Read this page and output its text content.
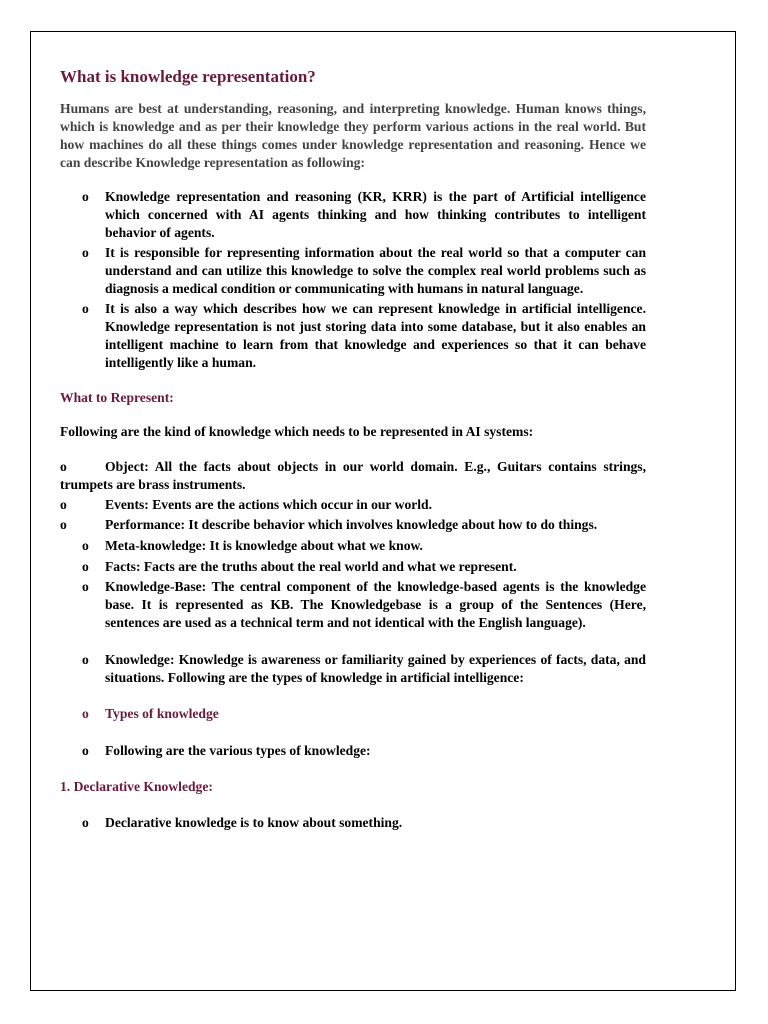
What is knowledge representation?
Humans are best at understanding, reasoning, and interpreting knowledge. Human knows things, which is knowledge and as per their knowledge they perform various actions in the real world. But how machines do all these things comes under knowledge representation and reasoning. Hence we can describe Knowledge representation as following:
o Knowledge representation and reasoning (KR, KRR) is the part of Artificial intelligence which concerned with AI agents thinking and how thinking contributes to intelligent behavior of agents.
o It is responsible for representing information about the real world so that a computer can understand and can utilize this knowledge to solve the complex real world problems such as diagnosis a medical condition or communicating with humans in natural language.
o It is also a way which describes how we can represent knowledge in artificial intelligence. Knowledge representation is not just storing data into some database, but it also enables an intelligent machine to learn from that knowledge and experiences so that it can behave intelligently like a human.
What to Represent:
Following are the kind of knowledge which needs to be represented in AI systems:
o	Object: All the facts about objects in our world domain. E.g., Guitars contains strings, trumpets are brass instruments.
o	Events: Events are the actions which occur in our world.
o	Performance: It describe behavior which involves knowledge about how to do things.
o Meta-knowledge: It is knowledge about what we know.
o Facts: Facts are the truths about the real world and what we represent.
o Knowledge-Base: The central component of the knowledge-based agents is the knowledge base. It is represented as KB. The Knowledgebase is a group of the Sentences (Here, sentences are used as a technical term and not identical with the English language).
o Knowledge: Knowledge is awareness or familiarity gained by experiences of facts, data, and situations. Following are the types of knowledge in artificial intelligence:
o Types of knowledge
o Following are the various types of knowledge:
1. Declarative Knowledge:
o Declarative knowledge is to know about something.
